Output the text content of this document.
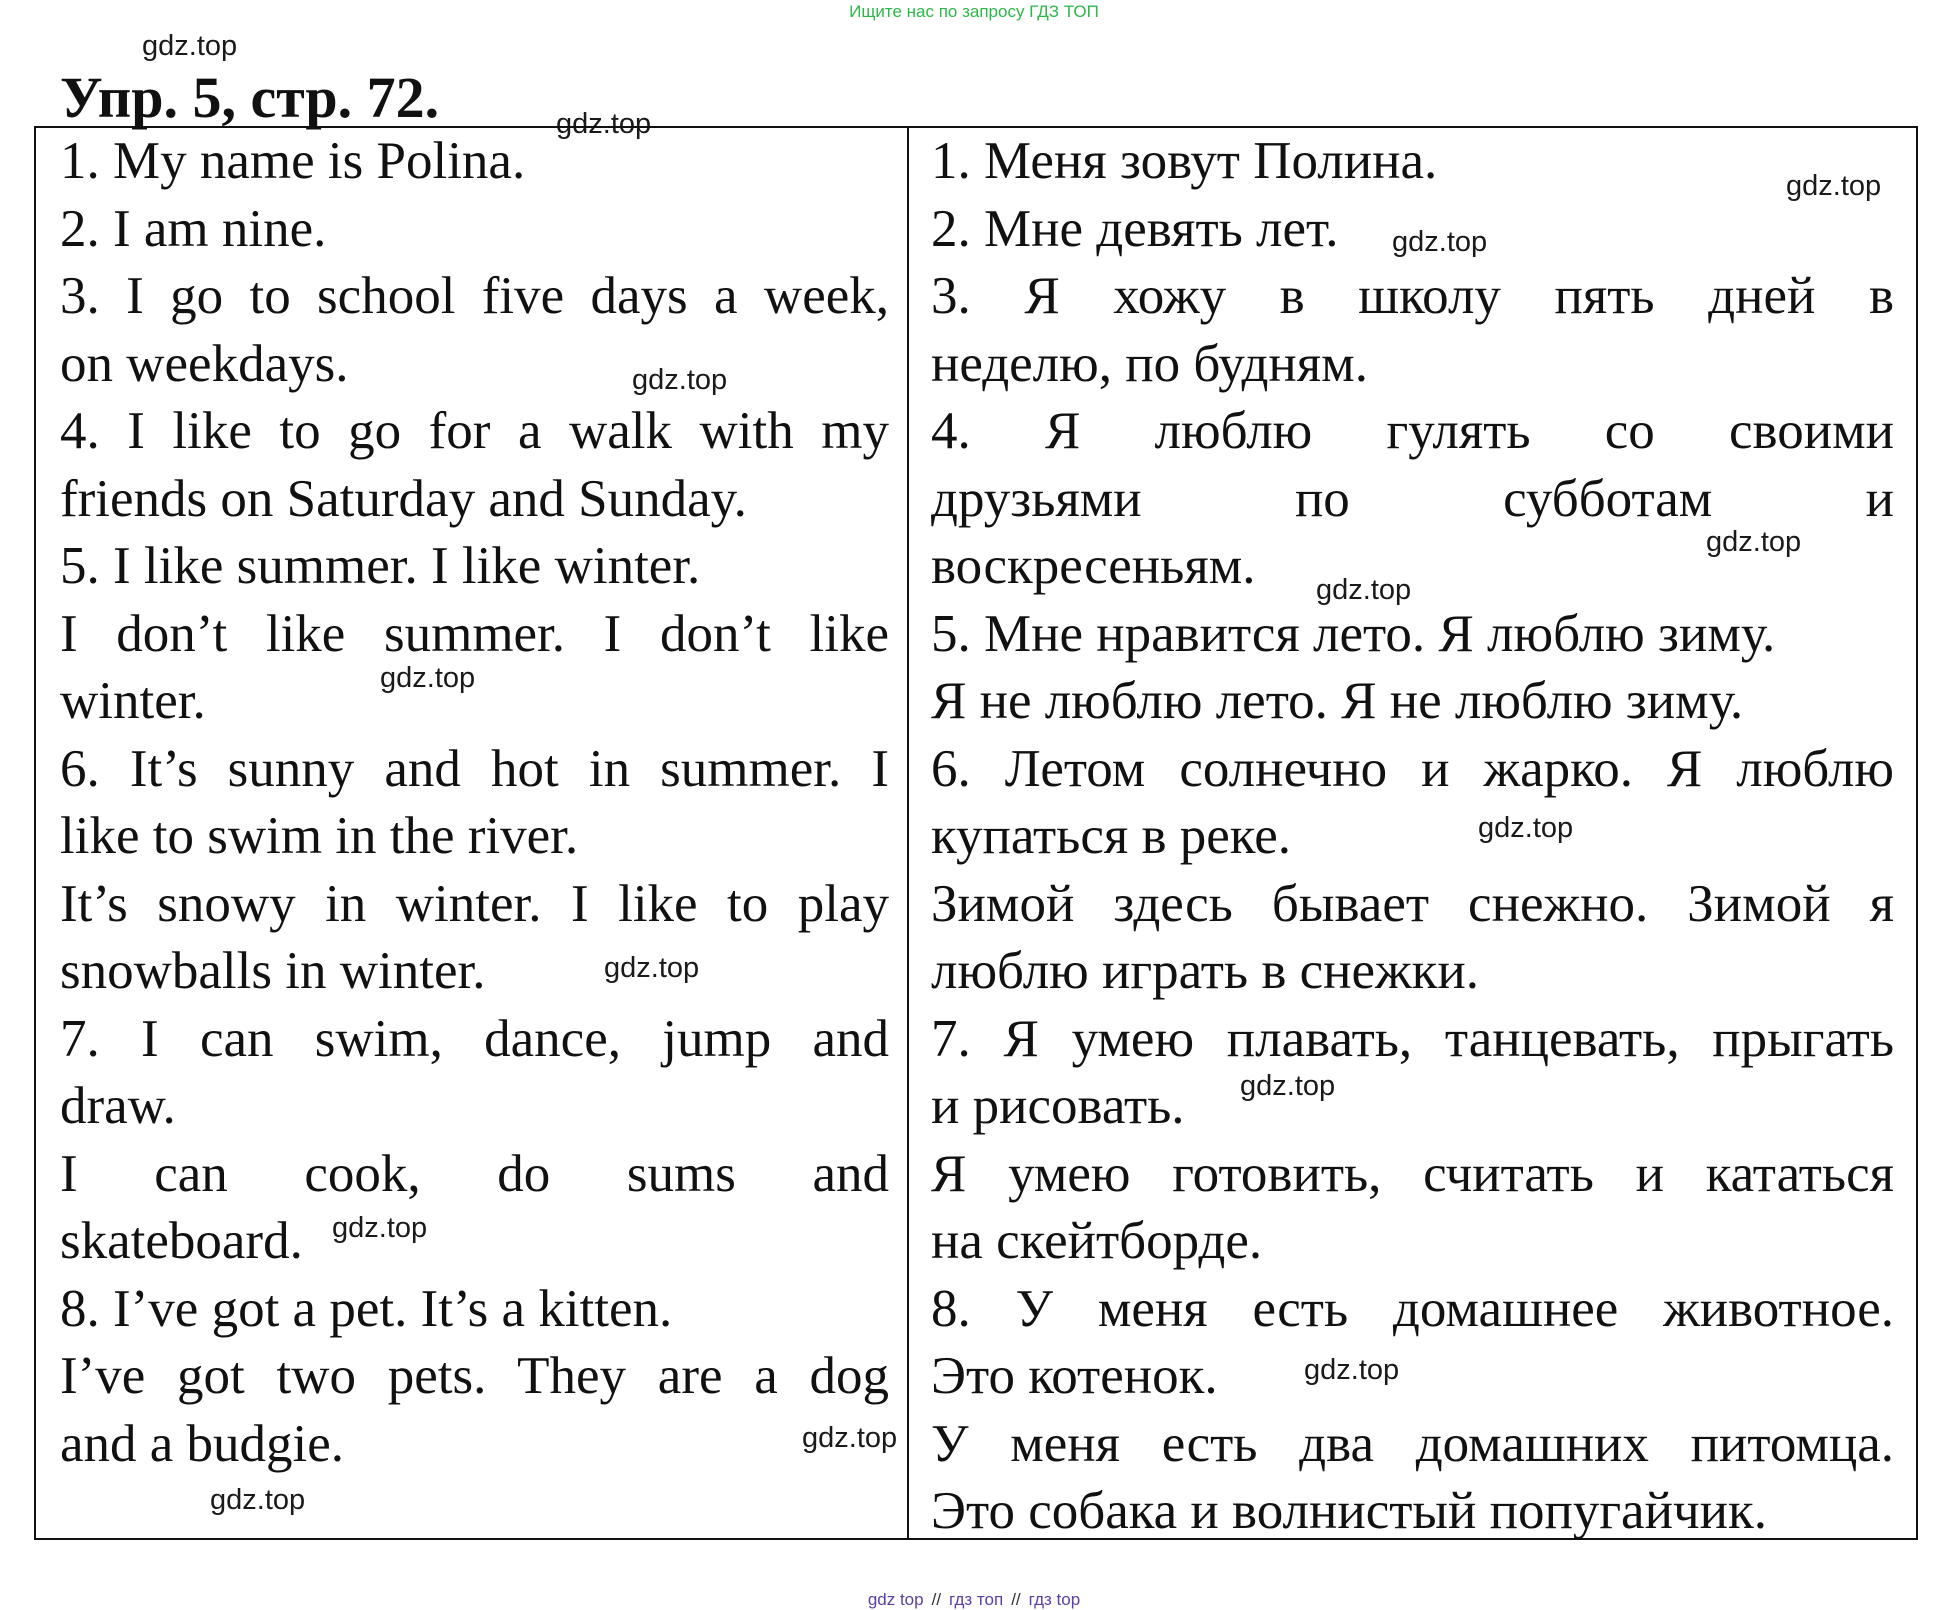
Ищите нас по запросу ГДЗ ТОП
Упр. 5, стр. 72.
gdz.top
gdz.top
1. My name is Polina.
2. I am nine.
3. I go to school five days a week,
on weekdays.
4. I like to go for a walk with my
friends on Saturday and Sunday.
5. I like summer. I like winter.
I don’t like summer. I don’t like
winter.
6. It’s sunny and hot in summer. I
like to swim in the river.
It’s snowy in winter. I like to play
snowballs in winter.
7. I can swim, dance, jump and
draw.
I can cook, do sums and
skateboard.
8. I’ve got a pet. It’s a kitten.
I’ve got two pets. They are a dog
and a budgie.
1. Меня зовут Полина.
2. Мне девять лет.
3. Я хожу в школу пять дней в
неделю, по будням.
4. Я люблю гулять со своими
друзьями по субботам и
воскресеньям.
5. Мне нравится лето. Я люблю зиму.
Я не люблю лето. Я не люблю зиму.
6. Летом солнечно и жарко. Я люблю
купаться в реке.
Зимой здесь бывает снежно. Зимой я
люблю играть в снежки.
7. Я умею плавать, танцевать, прыгать
и рисовать.
Я умею готовить, считать и кататься
на скейтборде.
8. У меня есть домашнее животное.
Это котенок.
У меня есть два домашних питомца.
Это собака и волнистый попугайчик.
gdz.top
gdz.top
gdz.top
gdz.top
gdz.top
gdz.top
gdz.top
gdz.top
gdz.top
gdz.top
gdz.top
gdz.top
gdz.top
gdz top // гдз топ // гдз top
